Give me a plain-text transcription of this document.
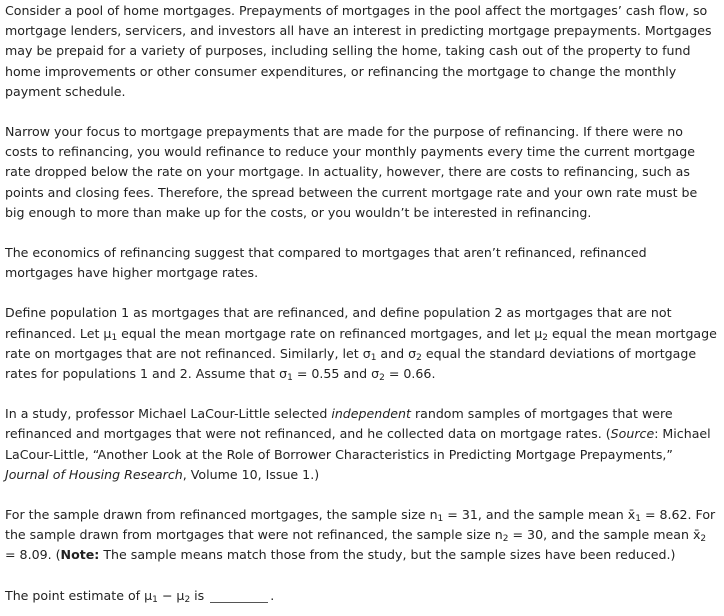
Consider a pool of home mortgages. Prepayments of mortgages in the pool affect the mortgages’ cash flow, so mortgage lenders, servicers, and investors all have an interest in predicting mortgage prepayments. Mortgages may be prepaid for a variety of purposes, including selling the home, taking cash out of the property to fund home improvements or other consumer expenditures, or refinancing the mortgage to change the monthly payment schedule.

Narrow your focus to mortgage prepayments that are made for the purpose of refinancing. If there were no costs to refinancing, you would refinance to reduce your monthly payments every time the current mortgage rate dropped below the rate on your mortgage. In actuality, however, there are costs to refinancing, such as points and closing fees. Therefore, the spread between the current mortgage rate and your own rate must be big enough to more than make up for the costs, or you wouldn’t be interested in refinancing.

The economics of refinancing suggest that compared to mortgages that aren’t refinanced, refinanced mortgages have higher mortgage rates.

Define population 1 as mortgages that are refinanced, and define population 2 as mortgages that are not refinanced. Let $\mu_1$ equal the mean mortgage rate on refinanced mortgages, and let $\mu_2$ equal the mean mortgage rate on mortgages that are not refinanced. Similarly, let $\sigma_1$ and $\sigma_2$ equal the standard deviations of mortgage rates for populations 1 and 2. Assume that $\sigma_1 = 0.55$ and $\sigma_2 = 0.66$.

In a study, professor Michael LaCour-Little selected independent random samples of mortgages that were refinanced and mortgages that were not refinanced, and he collected data on mortgage rates. (Source: Michael LaCour-Little, “Another Look at the Role of Borrower Characteristics in Predicting Mortgage Prepayments,” Journal of Housing Research, Volume 10, Issue 1.)

For the sample drawn from refinanced mortgages, the sample size $n_1 = 31$, and the sample mean $x̄_1 = 8.62$. For the sample drawn from mortgages that were not refinanced, the sample size $n_2 = 30$, and the sample mean $x̄_2 = 8.09$. (Note: The sample means match those from the study, but the sample sizes have been reduced.)

The point estimate of $\mu_1 - \mu_2$ is	.
